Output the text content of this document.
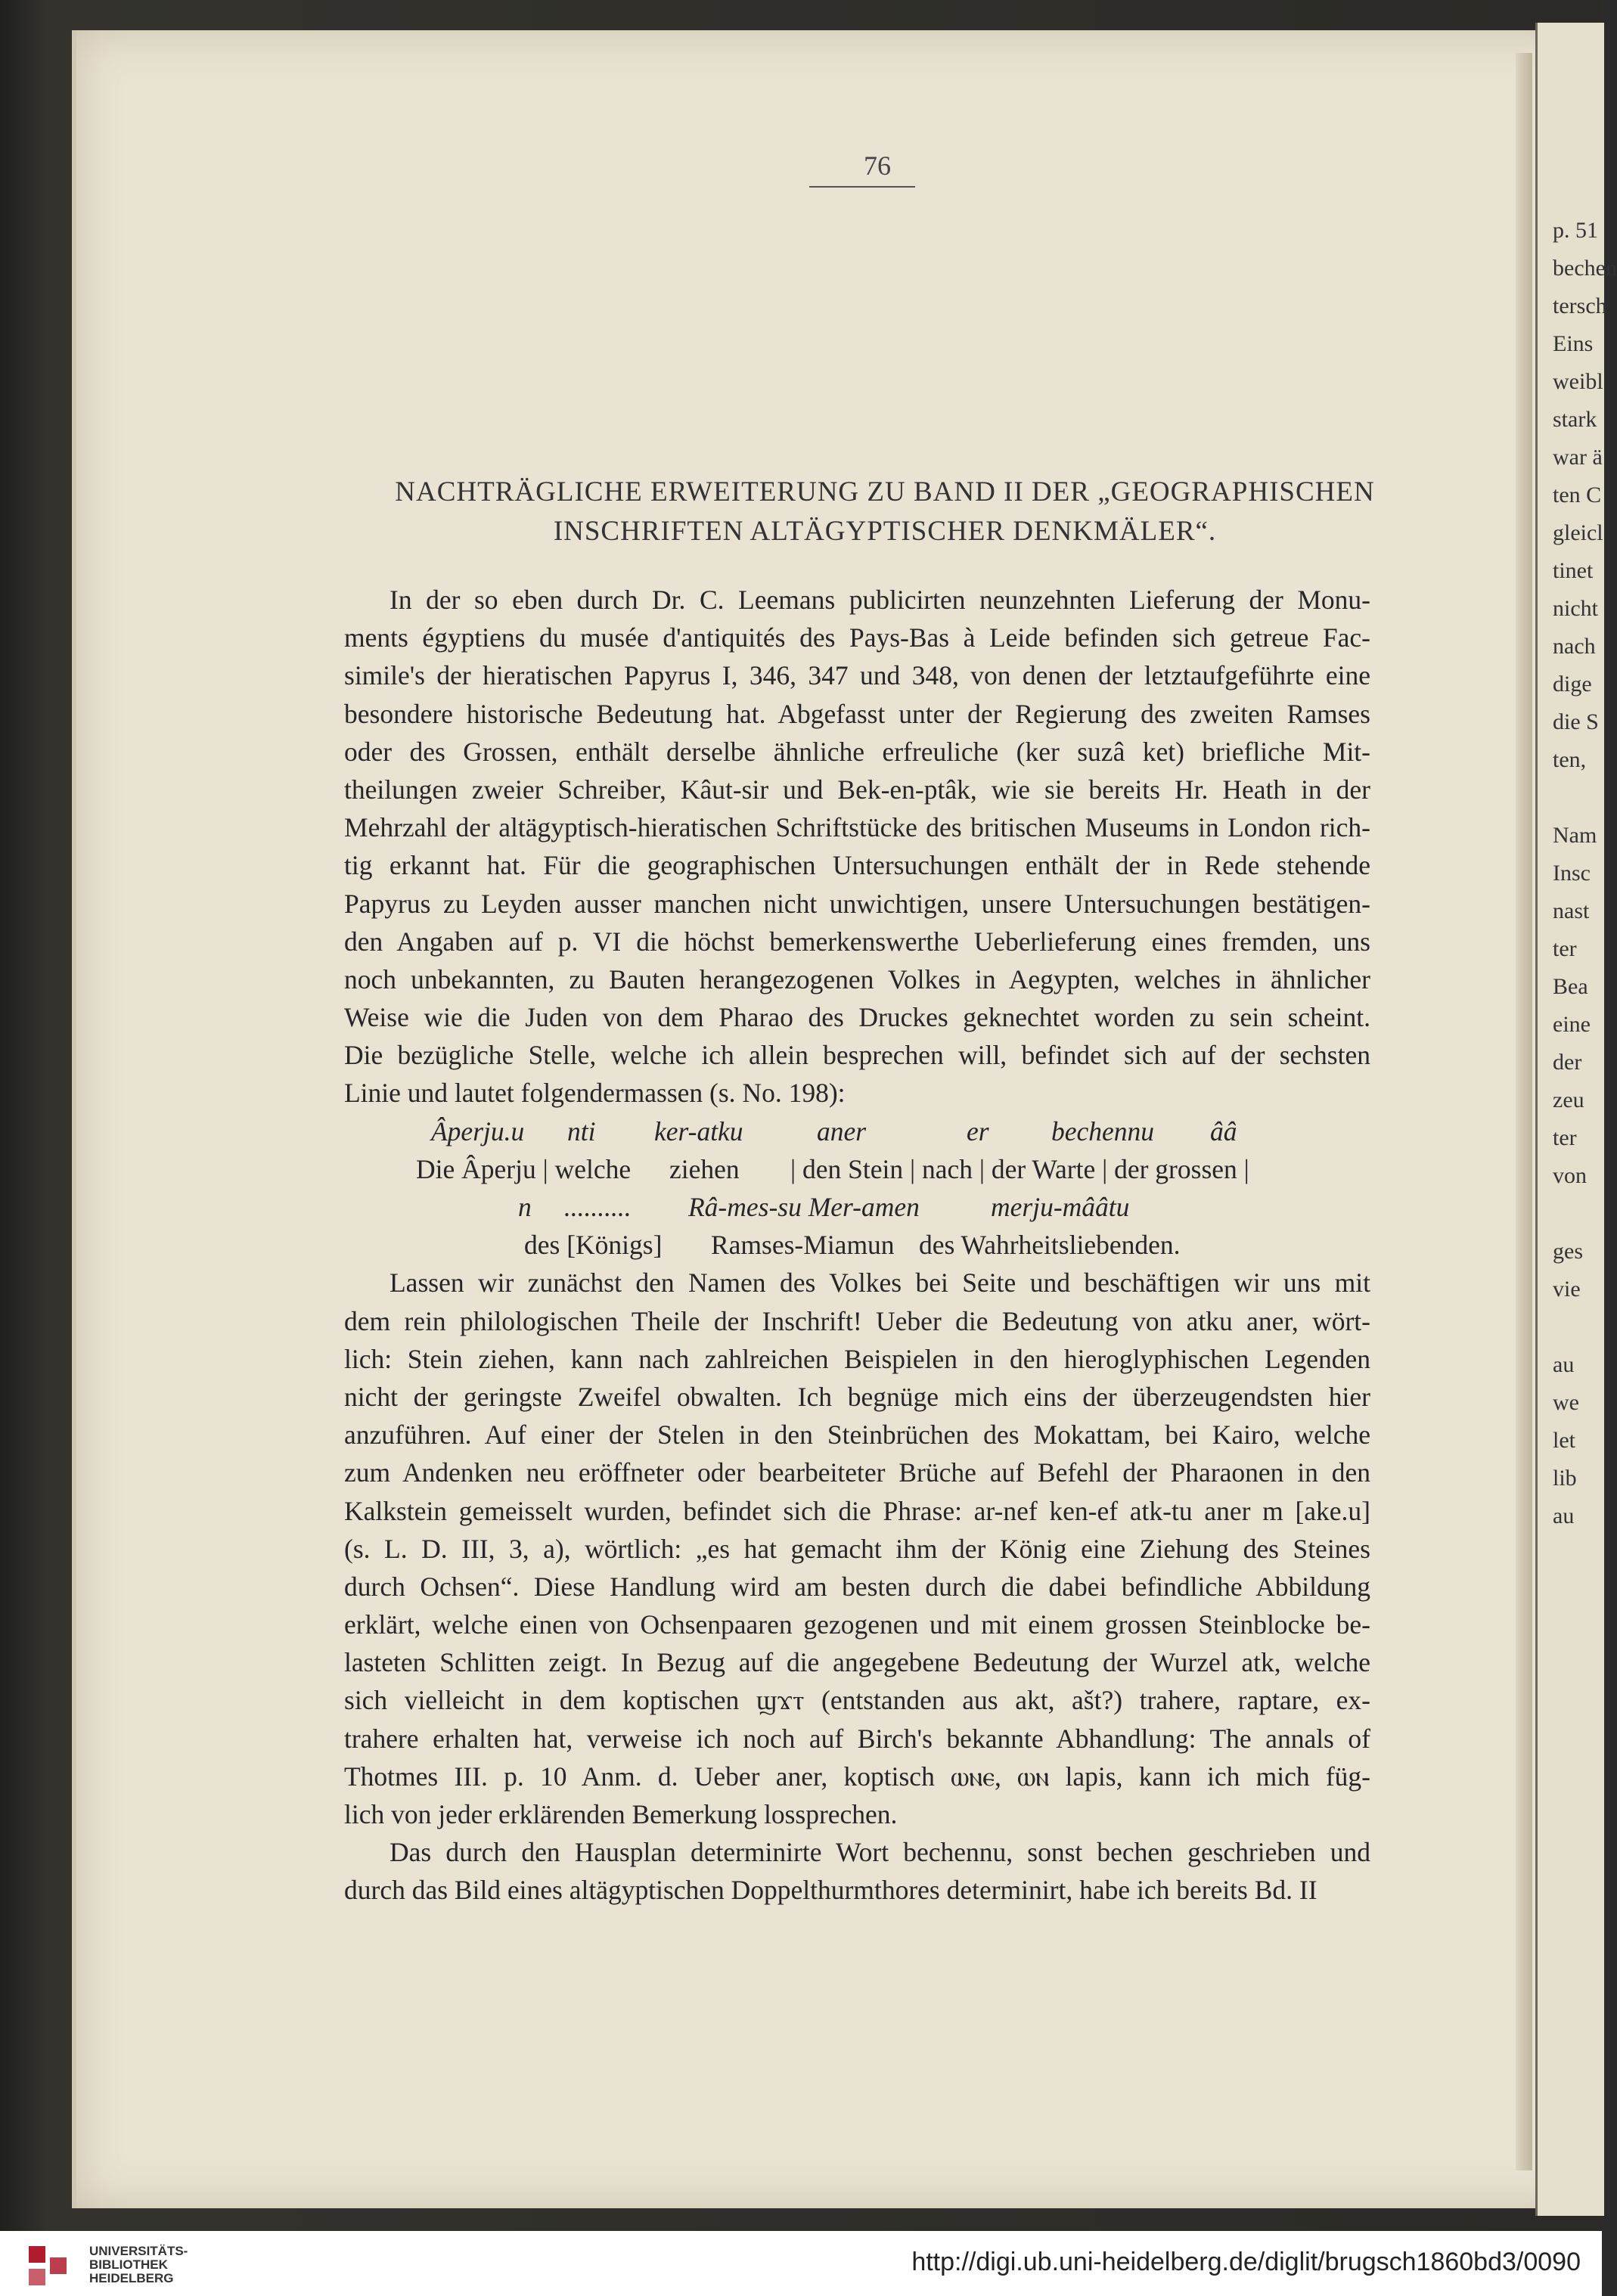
p. 51
bechen
tersch
Eins
weibl
stark
war ä
ten C
gleicl
tinet
nicht
nach
dige
die S
ten,

Nam
Insc
nast
ter
Bea
eine
der
zeu
ter
von

ges
vie

au
we
let
lib
au
76
NACHTRÄGLICHE ERWEITERUNG ZU BAND II DER „GEOGRAPHISCHEN
INSCHRIFTEN ALTÄGYPTISCHER DENKMÄLER“.
In der so eben durch Dr. C. Leemans publicirten neunzehnten Lieferung der Monu-
ments égyptiens du musée d'antiquités des Pays-Bas à Leide befinden sich getreue Fac-
simile's der hieratischen Papyrus I, 346, 347 und 348, von denen der letztaufgeführte eine
besondere historische Bedeutung hat. Abgefasst unter der Regierung des zweiten Ramses
oder des Grossen, enthält derselbe ähnliche erfreuliche (ker suzâ ket) briefliche Mit-
theilungen zweier Schreiber, Kâut-sir und Bek-en-ptâk, wie sie bereits Hr. Heath in der
Mehrzahl der altägyptisch-hieratischen Schriftstücke des britischen Museums in London rich-
tig erkannt hat. Für die geographischen Untersuchungen enthält der in Rede stehende
Papyrus zu Leyden ausser manchen nicht unwichtigen, unsere Untersuchungen bestätigen-
den Angaben auf p. VI die höchst bemerkenswerthe Ueberlieferung eines fremden, uns
noch unbekannten, zu Bauten herangezogenen Volkes in Aegypten, welches in ähnlicher
Weise wie die Juden von dem Pharao des Druckes geknechtet worden zu sein scheint.
Die bezügliche Stelle, welche ich allein besprechen will, befindet sich auf der sechsten
Linie und lautet folgendermassen (s. No. 198):
Âperju.u nti ker-atku	aner	er bechennu ââ
Die Âperju | welche ziehen | den Stein | nach | der Warte | der grossen |
n .......... Râ-mes-su Mer-amen	merju-mââtu
des [Königs] Ramses-Miamun des Wahrheitsliebenden.
Lassen wir zunächst den Namen des Volkes bei Seite und beschäftigen wir uns mit
dem rein philologischen Theile der Inschrift! Ueber die Bedeutung von atku aner, wört-
lich: Stein ziehen, kann nach zahlreichen Beispielen in den hieroglyphischen Legenden
nicht der geringste Zweifel obwalten. Ich begnüge mich eins der überzeugendsten hier
anzuführen. Auf einer der Stelen in den Steinbrüchen des Mokattam, bei Kairo, welche
zum Andenken neu eröffneter oder bearbeiteter Brüche auf Befehl der Pharaonen in den
Kalkstein gemeisselt wurden, befindet sich die Phrase: ar-nef ken-ef atk-tu aner m [ake.u]
(s. L. D. III, 3, a), wörtlich: „es hat gemacht ihm der König eine Ziehung des Steines
durch Ochsen“. Diese Handlung wird am besten durch die dabei befindliche Abbildung
erklärt, welche einen von Ochsenpaaren gezogenen und mit einem grossen Steinblocke be-
lasteten Schlitten zeigt. In Bezug auf die angegebene Bedeutung der Wurzel atk, welche
sich vielleicht in dem koptischen ϣϫⲧ (entstanden aus akt, ašt?) trahere, raptare, ex-
trahere erhalten hat, verweise ich noch auf Birch's bekannte Abhandlung: The annals of
Thotmes III. p. 10 Anm. d. Ueber aner, koptisch ⲱⲛⲉ, ⲱⲛ lapis, kann ich mich füg-
lich von jeder erklärenden Bemerkung lossprechen.
Das durch den Hausplan determinirte Wort bechennu, sonst bechen geschrieben und
durch das Bild eines altägyptischen Doppelthurmthores determinirt, habe ich bereits Bd. II
UNIVERSITÄTS-
BIBLIOTHEK
HEIDELBERG
http://digi.ub.uni-heidelberg.de/diglit/brugsch1860bd3/0090
